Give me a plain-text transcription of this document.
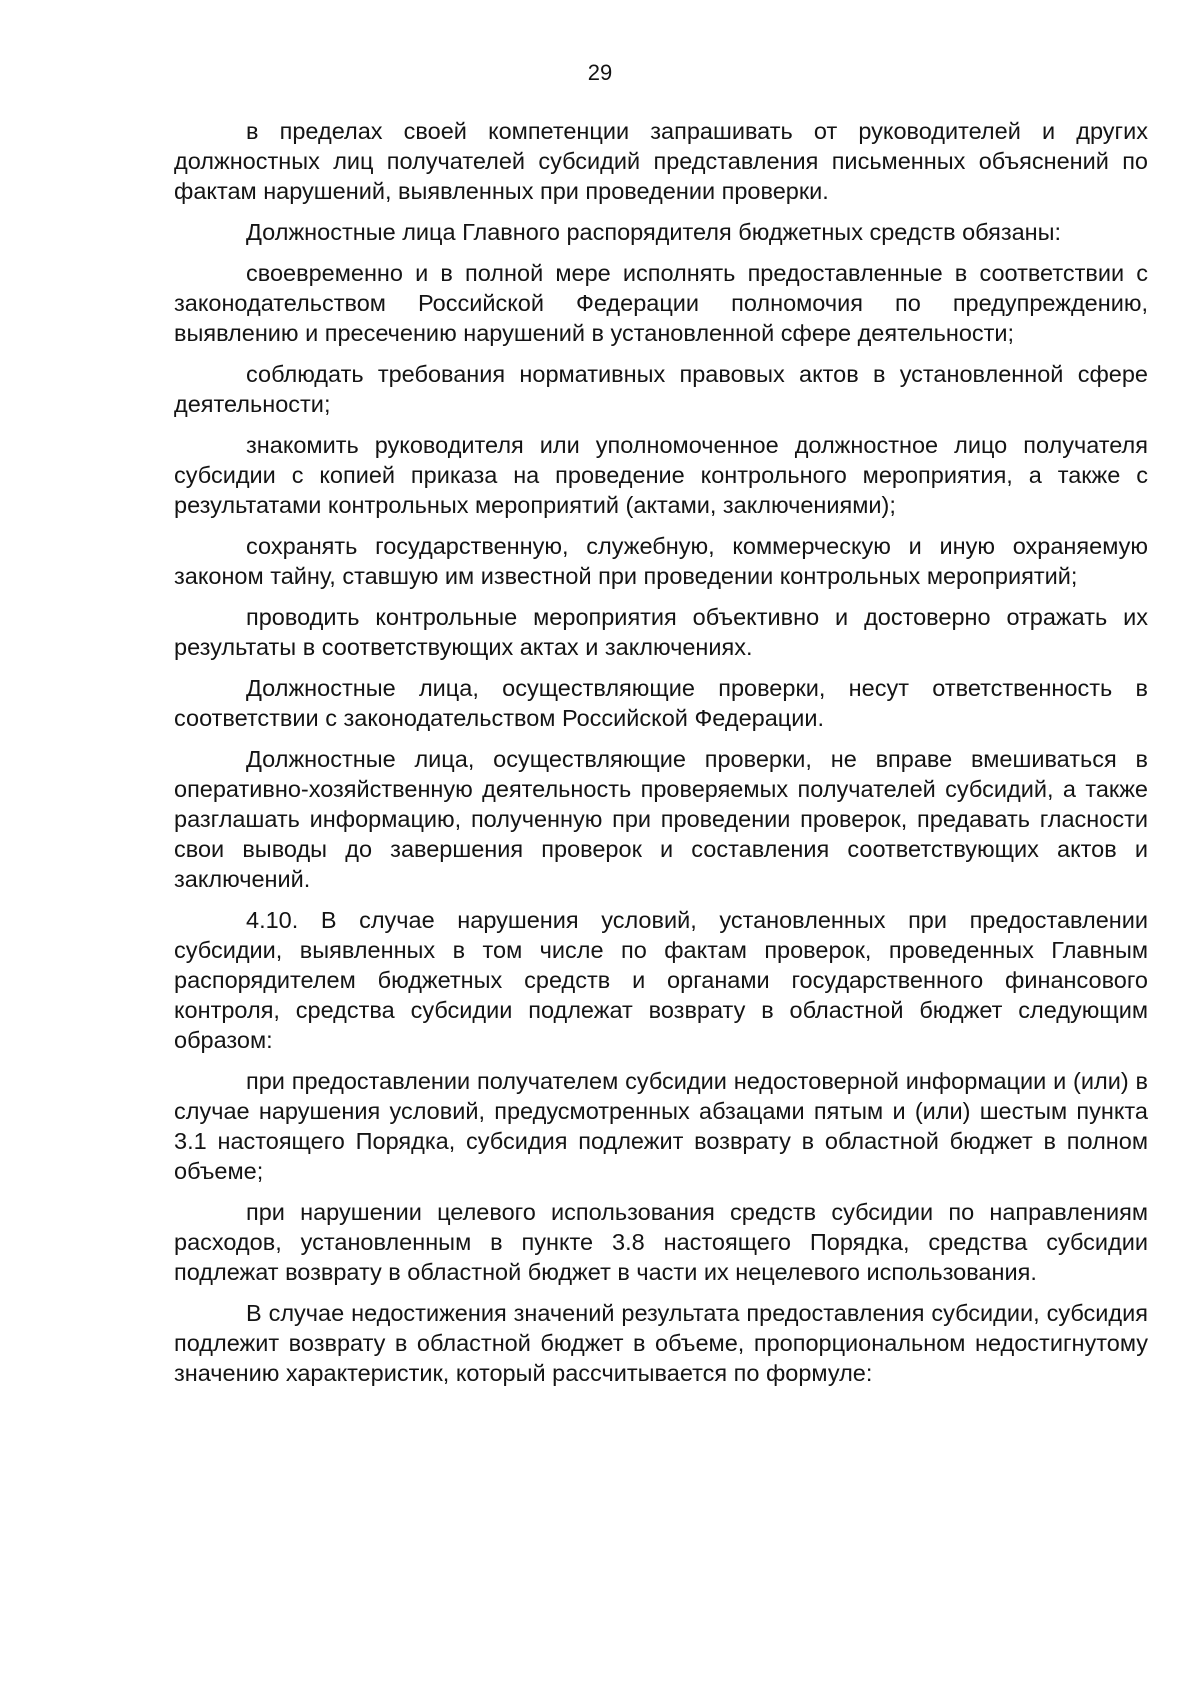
29

в пределах своей компетенции запрашивать от руководителей и других должностных лиц получателей субсидий представления письменных объяснений по фактам нарушений, выявленных при проведении проверки.

Должностные лица Главного распорядителя бюджетных средств обязаны:

своевременно и в полной мере исполнять предоставленные в соответствии с законодательством Российской Федерации полномочия по предупреждению, выявлению и пресечению нарушений в установленной сфере деятельности;

соблюдать требования нормативных правовых актов в установленной сфере деятельности;

знакомить руководителя или уполномоченное должностное лицо получателя субсидии с копией приказа на проведение контрольного мероприятия, а также с результатами контрольных мероприятий (актами, заключениями);

сохранять государственную, служебную, коммерческую и иную охраняемую законом тайну, ставшую им известной при проведении контрольных мероприятий;

проводить контрольные мероприятия объективно и достоверно отражать их результаты в соответствующих актах и заключениях.

Должностные лица, осуществляющие проверки, несут ответственность в соответствии с законодательством Российской Федерации.

Должностные лица, осуществляющие проверки, не вправе вмешиваться в оперативно-хозяйственную деятельность проверяемых получателей субсидий, а также разглашать информацию, полученную при проведении проверок, предавать гласности свои выводы до завершения проверок и составления соответствующих актов и заключений.

4.10. В случае нарушения условий, установленных при предоставлении субсидии, выявленных в том числе по фактам проверок, проведенных Главным распорядителем бюджетных средств и органами государственного финансового контроля, средства субсидии подлежат возврату в областной бюджет следующим образом:

при предоставлении получателем субсидии недостоверной информации и (или) в случае нарушения условий, предусмотренных абзацами пятым и (или) шестым пункта 3.1 настоящего Порядка, субсидия подлежит возврату в областной бюджет в полном объеме;

при нарушении целевого использования средств субсидии по направлениям расходов, установленным в пункте 3.8 настоящего Порядка, средства субсидии подлежат возврату в областной бюджет в части их нецелевого использования.

В случае недостижения значений результата предоставления субсидии, субсидия подлежит возврату в областной бюджет в объеме, пропорциональном недостигнутому значению характеристик, который рассчитывается по формуле:
